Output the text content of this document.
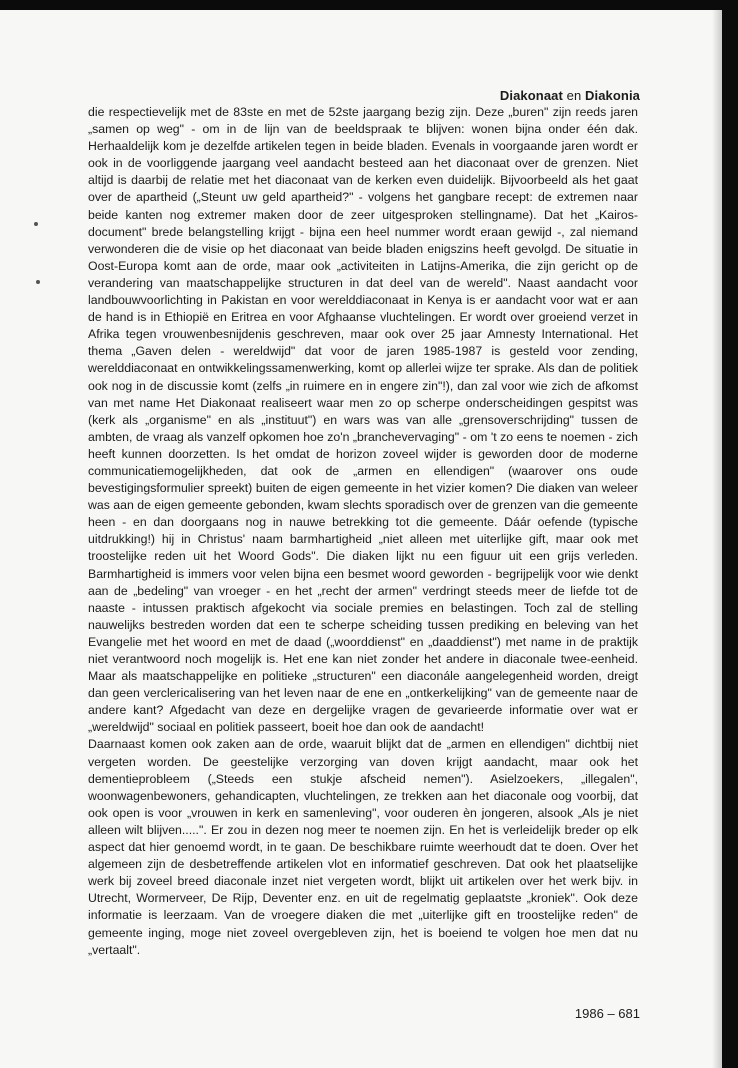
Diakonaat en Diakonia

die respectievelijk met de 83ste en met de 52ste jaargang bezig zijn. Deze „buren" zijn reeds jaren „samen op weg" - om in de lijn van de beeldspraak te blijven: wonen bijna onder één dak. Herhaaldelijk kom je dezelfde artikelen tegen in beide bladen. Evenals in voorgaande jaren wordt er ook in de voorliggende jaargang veel aandacht besteed aan het diaconaat over de grenzen. Niet altijd is daarbij de relatie met het diaconaat van de kerken even duidelijk. Bijvoorbeeld als het gaat over de apartheid („Steunt uw geld apartheid?" - volgens het gangbare recept: de extremen naar beide kanten nog extremer maken door de zeer uitgesproken stellingname). Dat het „Kairos-document" brede belangstelling krijgt - bijna een heel nummer wordt eraan gewijd -, zal niemand verwonderen die de visie op het diaconaat van beide bladen enigszins heeft gevolgd. De situatie in Oost-Europa komt aan de orde, maar ook „activiteiten in Latijns-Amerika, die zijn gericht op de verandering van maatschappelijke structuren in dat deel van de wereld". Naast aandacht voor landbouwvoorlichting in Pakistan en voor werelddiaconaat in Kenya is er aandacht voor wat er aan de hand is in Ethiopië en Eritrea en voor Afghaanse vluchtelingen. Er wordt over groeiend verzet in Afrika tegen vrouwenbesnijdenis geschreven, maar ook over 25 jaar Amnesty International. Het thema „Gaven delen - wereldwijd" dat voor de jaren 1985-1987 is gesteld voor zending, werelddiaconaat en ontwikkelingssamenwerking, komt op allerlei wijze ter sprake. Als dan de politiek ook nog in de discussie komt (zelfs „in ruimere en in engere zin"!), dan zal voor wie zich de afkomst van met name Het Diakonaat realiseert waar men zo op scherpe onderscheidingen gespitst was (kerk als „organisme" en als „instituut") en wars was van alle „grensoverschrijding" tussen de ambten, de vraag als vanzelf opkomen hoe zo'n „branchevervaging" - om 't zo eens te noemen - zich heeft kunnen doorzetten. Is het omdat de horizon zoveel wijder is geworden door de moderne communicatiemogelijkheden, dat ook de „armen en ellendigen" (waarover ons oude bevestigingsformulier spreekt) buiten de eigen gemeente in het vizier komen? Die diaken van weleer was aan de eigen gemeente gebonden, kwam slechts sporadisch over de grenzen van die gemeente heen - en dan doorgaans nog in nauwe betrekking tot die gemeente. Dáár oefende (typische uitdrukking!) hij in Christus' naam barmhartigheid „niet alleen met uiterlijke gift, maar ook met troostelijke reden uit het Woord Gods". Die diaken lijkt nu een figuur uit een grijs verleden. Barmhartigheid is immers voor velen bijna een besmet woord geworden - begrijpelijk voor wie denkt aan de „bedeling" van vroeger - en het „recht der armen" verdringt steeds meer de liefde tot de naaste - intussen praktisch afgekocht via sociale premies en belastingen. Toch zal de stelling nauwelijks bestreden worden dat een te scherpe scheiding tussen prediking en beleving van het Evangelie met het woord en met de daad („woorddienst" en „daaddienst") met name in de praktijk niet verantwoord noch mogelijk is. Het ene kan niet zonder het andere in diaconale twee-eenheid. Maar als maatschappelijke en politieke „structuren" een diaconále aangelegenheid worden, dreigt dan geen verclericalisering van het leven naar de ene en „ontkerkelijking" van de gemeente naar de andere kant? Afgedacht van deze en dergelijke vragen de gevarieerde informatie over wat er „wereldwijd" sociaal en politiek passeert, boeit hoe dan ook de aandacht!

Daarnaast komen ook zaken aan de orde, waaruit blijkt dat de „armen en ellendigen" dichtbij niet vergeten worden. De geestelijke verzorging van doven krijgt aandacht, maar ook het dementieprobleem („Steeds een stukje afscheid nemen"). Asielzoekers, „illegalen", woonwagenbewoners, gehandicapten, vluchtelingen, ze trekken aan het diaconale oog voorbij, dat ook open is voor „vrouwen in kerk en samenleving", voor ouderen èn jongeren, alsook „Als je niet alleen wilt blijven.....". Er zou in dezen nog meer te noemen zijn. En het is verleidelijk breder op elk aspect dat hier genoemd wordt, in te gaan. De beschikbare ruimte weerhoudt dat te doen. Over het algemeen zijn de desbetreffende artikelen vlot en informatief geschreven. Dat ook het plaatselijke werk bij zoveel breed diaconale inzet niet vergeten wordt, blijkt uit artikelen over het werk bijv. in Utrecht, Wormerveer, De Rijp, Deventer enz. en uit de regelmatig geplaatste „kroniek". Ook deze informatie is leerzaam. Van de vroegere diaken die met „uiterlijke gift en troostelijke reden" de gemeente inging, moge niet zoveel overgebleven zijn, het is boeiend te volgen hoe men dat nu „vertaalt".

1986 – 681
